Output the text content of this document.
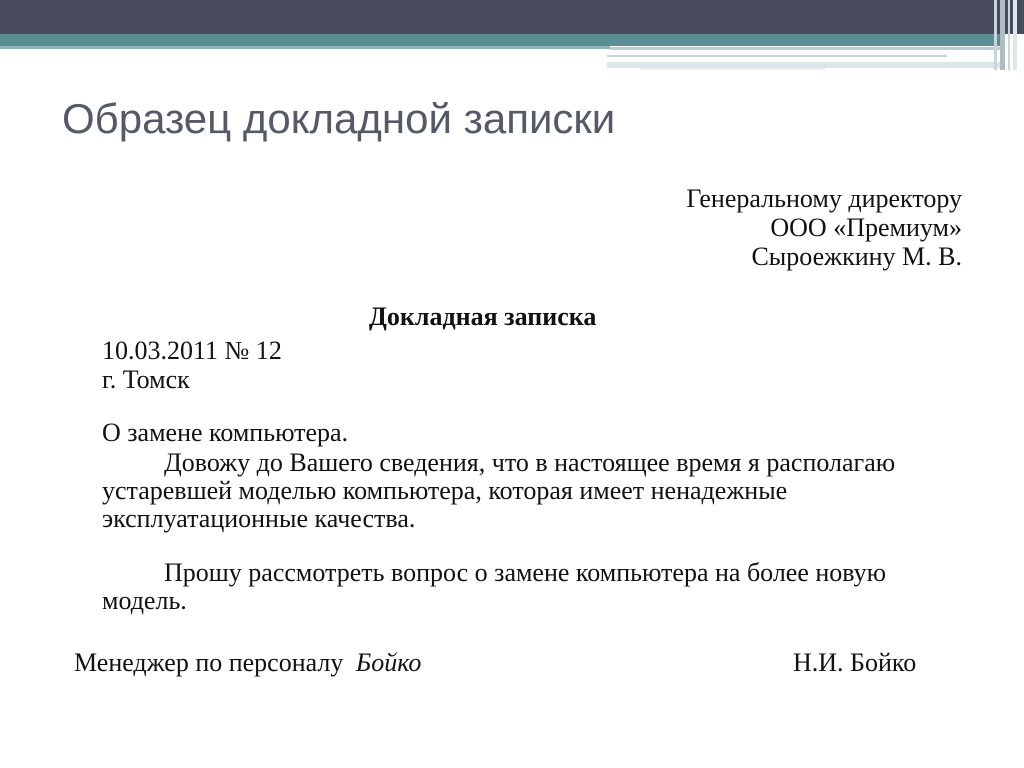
Образец докладной записки
Генеральному директору
ООО «Премиум»
Сыроежкину М. В.

Докладная записка

10.03.2011 № 12
г. Томск

О замене компьютера.

Довожу до Вашего сведения, что в настоящее время я располагаю устаревшей моделью компьютера, которая имеет ненадежные эксплуатационные качества.

Прошу рассмотреть вопрос о замене компьютера на более новую модель.

Менеджер по персоналу Бойко	Н.И. Бойко
